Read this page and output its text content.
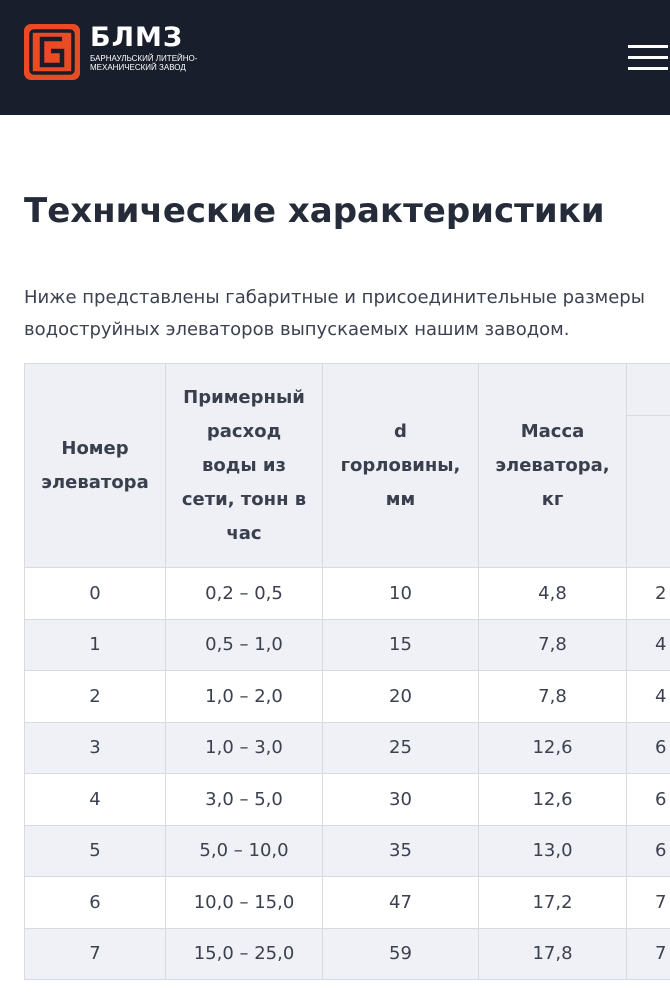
БЛМЗ
БАРНАУЛЬСКИЙ ЛИТЕЙНО-МЕХАНИЧЕСКИЙ ЗАВОД
Технические характеристики

Ниже представлены габаритные и присоединительные размеры
водоструйных элеваторов выпускаемых нашим заводом.

Номер элеватора	Примерный расход воды из сети, тонн в час	d горловины, мм	Масса элеватора, кг	

0	0,2 – 0,5	10	4,8	2
1	0,5 – 1,0	15	7,8	4
2	1,0 – 2,0	20	7,8	4
3	1,0 – 3,0	25	12,6	6
4	3,0 – 5,0	30	12,6	6
5	5,0 – 10,0	35	13,0	6
6	10,0 – 15,0	47	17,2	7
7	15,0 – 25,0	59	17,8	7
